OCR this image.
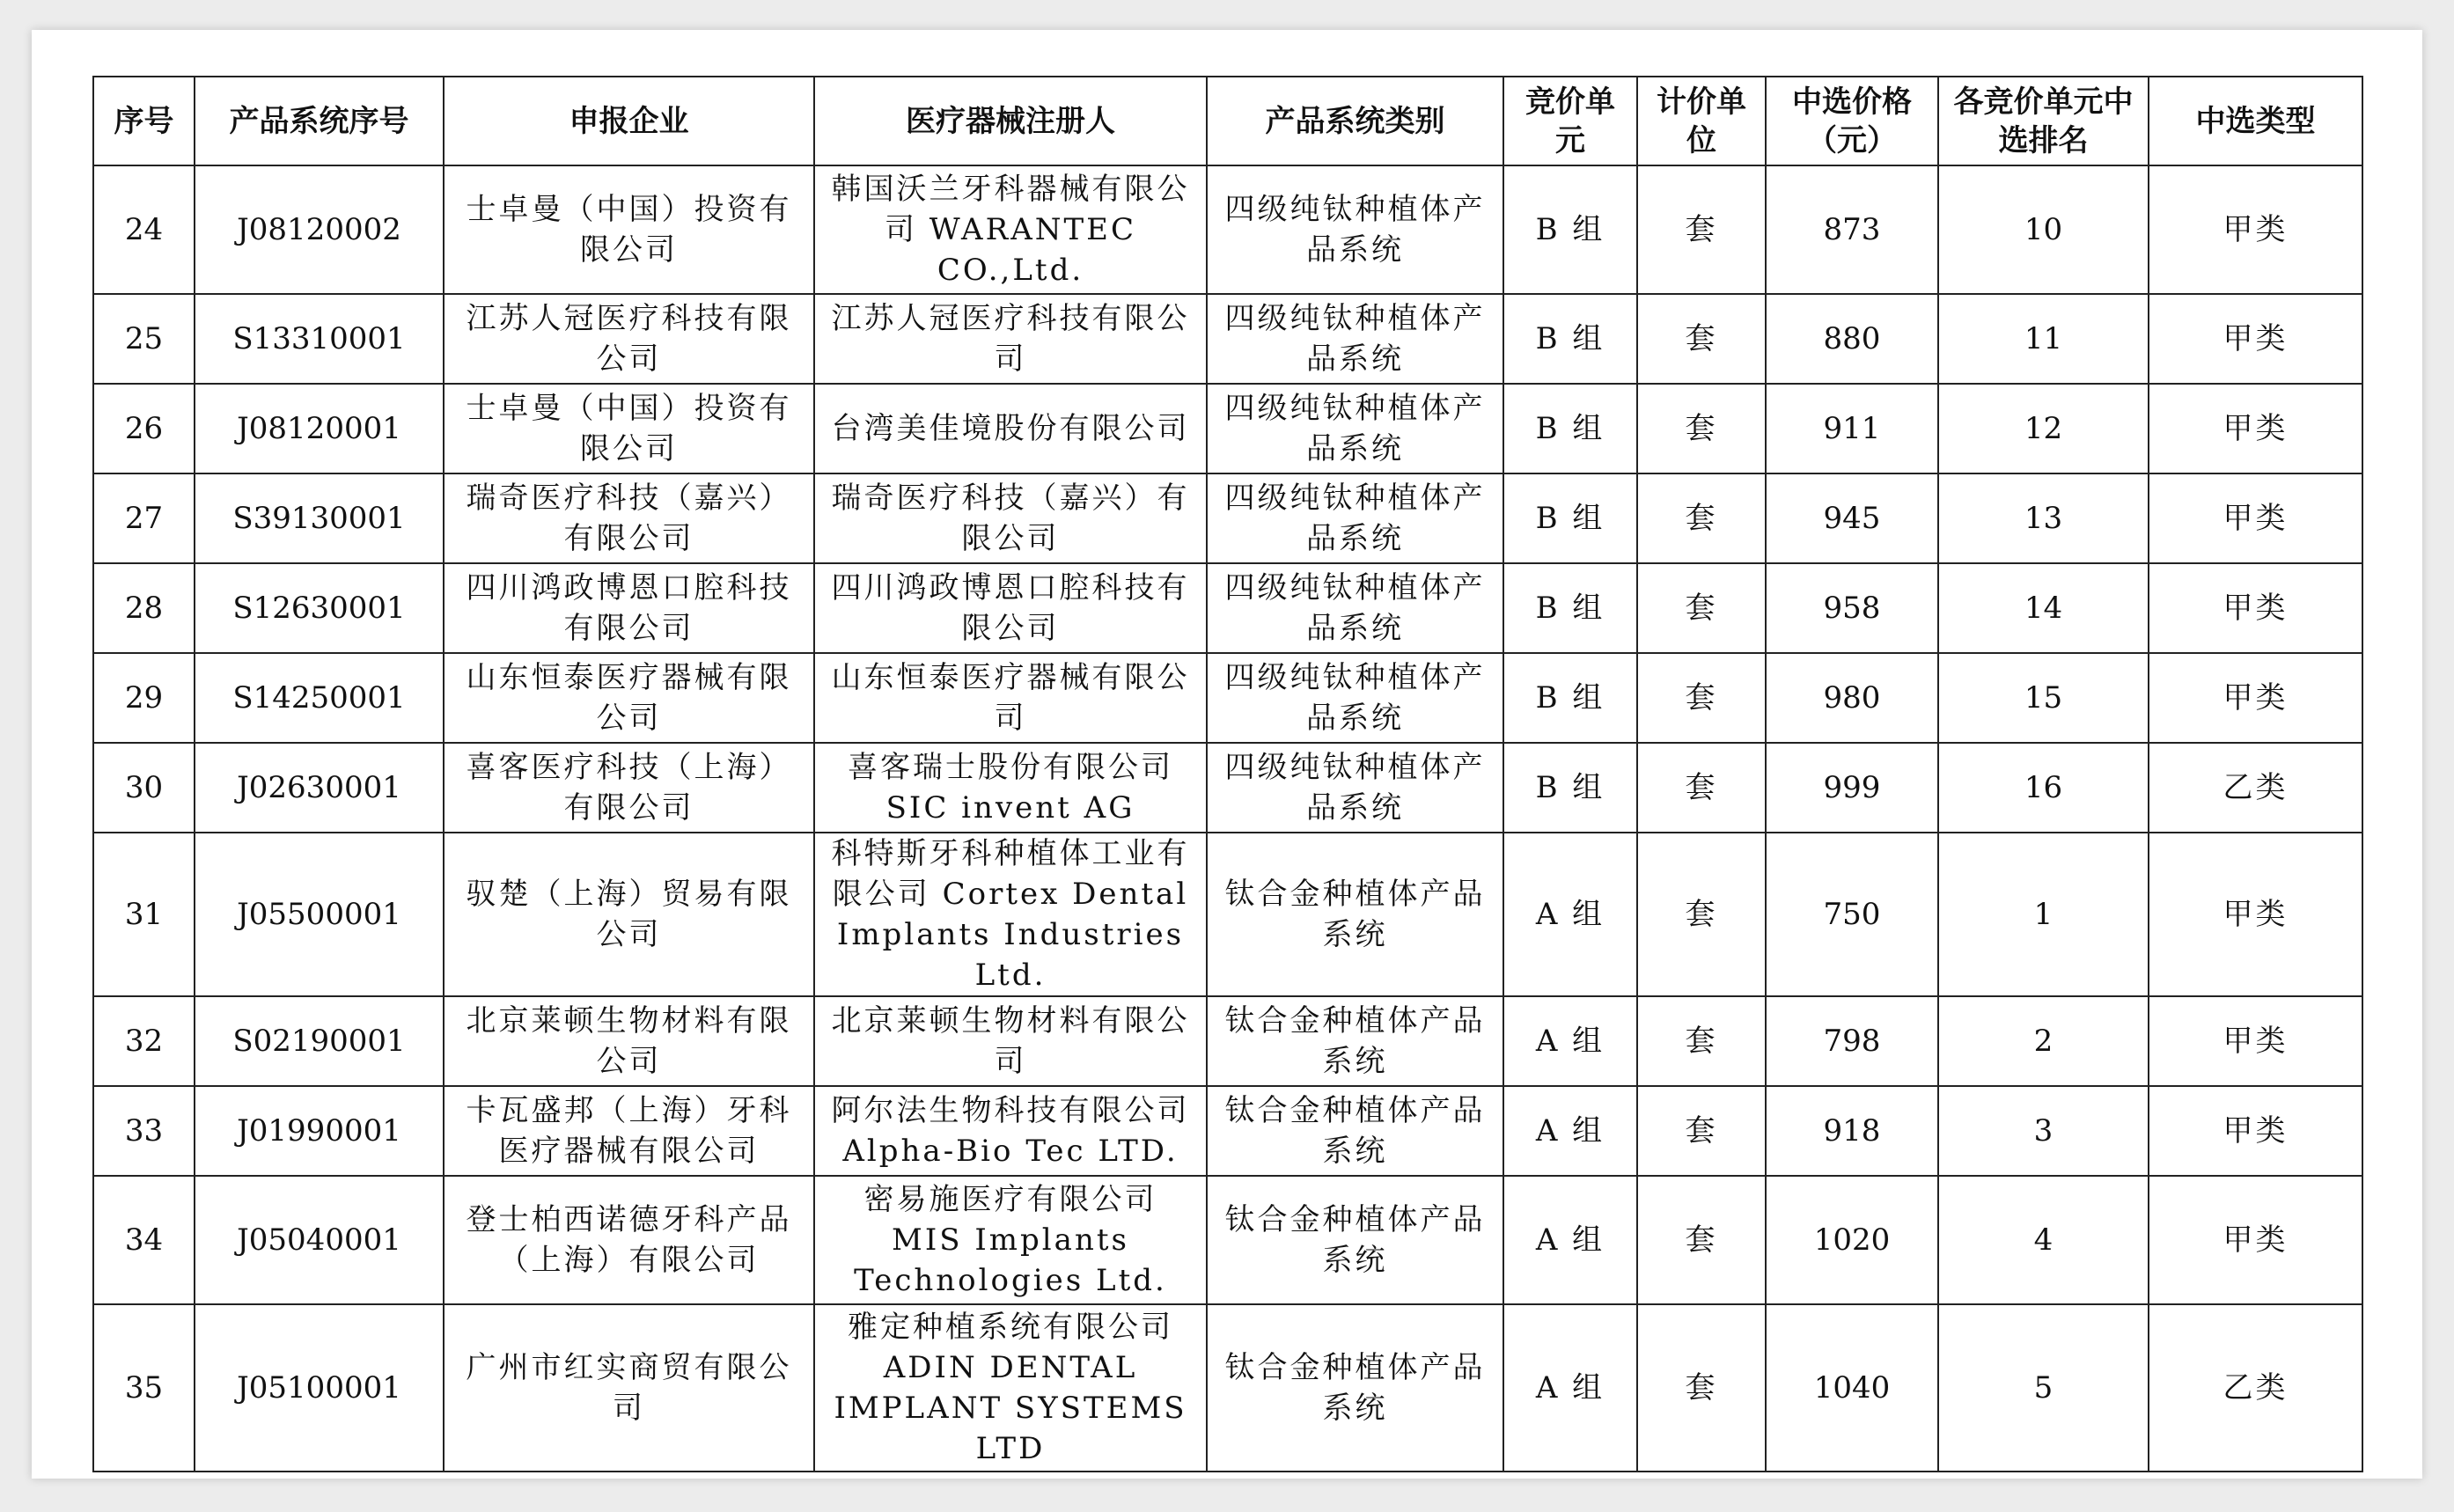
序号	产品系统序号	申报企业	医疗器械注册人	产品系统类别	竞价单元	计价单位	中选价格（元）	各竞价单元中选排名	中选类型
24	J08120002	士卓曼（中国）投资有限公司	韩国沃兰牙科器械有限公司 WARANTEC CO.,Ltd.	四级纯钛种植体产品系统	B 组	套	873	10	甲类
25	S13310001	江苏人冠医疗科技有限公司	江苏人冠医疗科技有限公司	四级纯钛种植体产品系统	B 组	套	880	11	甲类
26	J08120001	士卓曼（中国）投资有限公司	台湾美佳境股份有限公司	四级纯钛种植体产品系统	B 组	套	911	12	甲类
27	S39130001	瑞奇医疗科技（嘉兴）有限公司	瑞奇医疗科技（嘉兴）有限公司	四级纯钛种植体产品系统	B 组	套	945	13	甲类
28	S12630001	四川鸿政博恩口腔科技有限公司	四川鸿政博恩口腔科技有限公司	四级纯钛种植体产品系统	B 组	套	958	14	甲类
29	S14250001	山东恒泰医疗器械有限公司	山东恒泰医疗器械有限公司	四级纯钛种植体产品系统	B 组	套	980	15	甲类
30	J02630001	喜客医疗科技（上海）有限公司	喜客瑞士股份有限公司 SIC invent AG	四级纯钛种植体产品系统	B 组	套	999	16	乙类
31	J05500001	驭楚（上海）贸易有限公司	科特斯牙科种植体工业有限公司 Cortex Dental Implants Industries Ltd.	钛合金种植体产品系统	A 组	套	750	1	甲类
32	S02190001	北京莱顿生物材料有限公司	北京莱顿生物材料有限公司	钛合金种植体产品系统	A 组	套	798	2	甲类
33	J01990001	卡瓦盛邦（上海）牙科医疗器械有限公司	阿尔法生物科技有限公司 Alpha-Bio Tec LTD.	钛合金种植体产品系统	A 组	套	918	3	甲类
34	J05040001	登士柏西诺德牙科产品（上海）有限公司	密易施医疗有限公司 MIS Implants Technologies Ltd.	钛合金种植体产品系统	A 组	套	1020	4	甲类
35	J05100001	广州市红实商贸有限公司	雅定种植系统有限公司 ADIN DENTAL IMPLANT SYSTEMS LTD	钛合金种植体产品系统	A 组	套	1040	5	乙类
